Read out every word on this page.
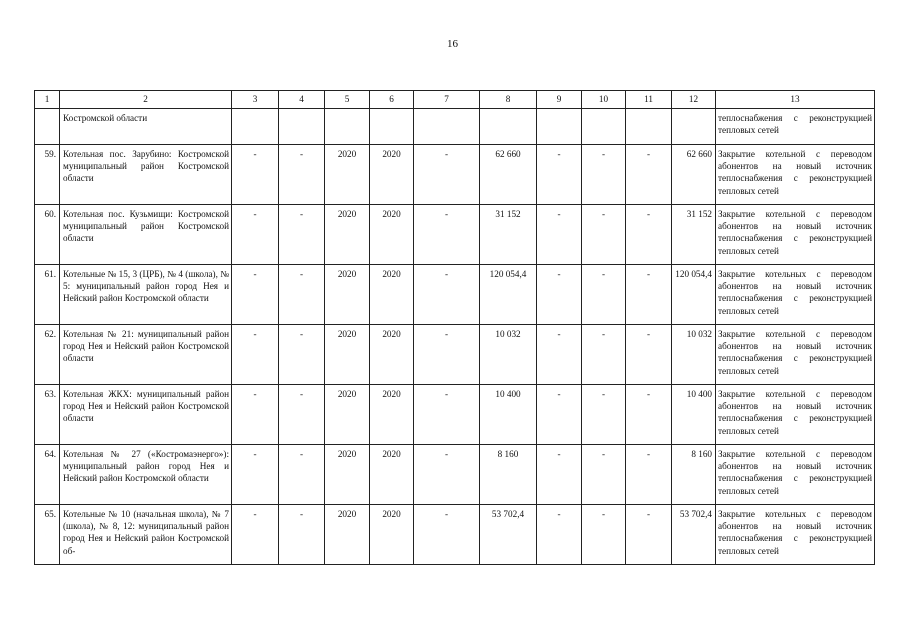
16
1	2	3	4	5	6	7	8	9	10	11	12	13
	Костромской области											теплоснабжения с реконструкцией тепловых сетей
59.	Котельная пос. Зарубино: Костромской муниципальный район Костромской области	-	-	2020	2020	-	62 660	-	-	-	62 660	Закрытие котельной с переводом абонентов на новый источник теплоснабжения с реконструкцией тепловых сетей
60.	Котельная пос. Кузьмищи: Костромской муниципальный район Костромской области	-	-	2020	2020	-	31 152	-	-	-	31 152	Закрытие котельной с переводом абонентов на новый источник теплоснабжения с реконструкцией тепловых сетей
61.	Котельные № 15, 3 (ЦРБ), № 4 (школа), № 5: муниципальный район город Нея и Нейский район Костромской области	-	-	2020	2020	-	120 054,4	-	-	-	120 054,4	Закрытие котельных с переводом абонентов на новый источник теплоснабжения с реконструкцией тепловых сетей
62.	Котельная № 21: муниципальный район город Нея и Нейский район Костромской области	-	-	2020	2020	-	10 032	-	-	-	10 032	Закрытие котельной с переводом абонентов на новый источник теплоснабжения с реконструкцией тепловых сетей
63.	Котельная ЖКХ: муниципальный район город Нея и Нейский район Костромской области	-	-	2020	2020	-	10 400	-	-	-	10 400	Закрытие котельной с переводом абонентов на новый источник теплоснабжения с реконструкцией тепловых сетей
64.	Котельная № 27 («Костромаэнерго»): муниципальный район город Нея и Нейский район Костромской области	-	-	2020	2020	-	8 160	-	-	-	8 160	Закрытие котельной с переводом абонентов на новый источник теплоснабжения с реконструкцией тепловых сетей
65.	Котельные № 10 (начальная школа), № 7 (школа), № 8, 12: муниципальный район город Нея и Нейский район Костромской об-	-	-	2020	2020	-	53 702,4	-	-	-	53 702,4	Закрытие котельных с переводом абонентов на новый источник теплоснабжения с реконструкцией тепловых сетей
